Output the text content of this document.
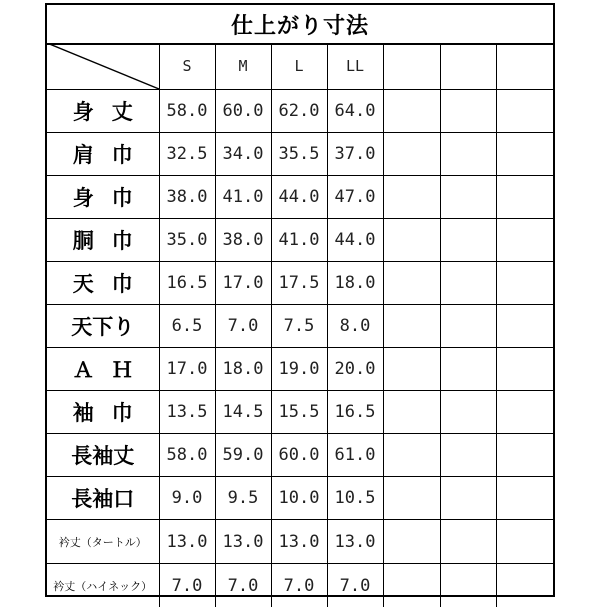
仕上がり寸法
	S	M	L	LL			
身丈	58.0	60.0	62.0	64.0			
肩巾	32.5	34.0	35.5	37.0			
身巾	38.0	41.0	44.0	47.0			
胴巾	35.0	38.0	41.0	44.0			
天巾	16.5	17.0	17.5	18.0			
天下り	6.5	7.0	7.5	8.0			
ＡＨ	17.0	18.0	19.0	20.0			
袖巾	13.5	14.5	15.5	16.5			
長袖丈	58.0	59.0	60.0	61.0			
長袖口	9.0	9.5	10.0	10.5			
衿丈（タートル）	13.0	13.0	13.0	13.0			
衿丈（ハイネック）	7.0	7.0	7.0	7.0			
